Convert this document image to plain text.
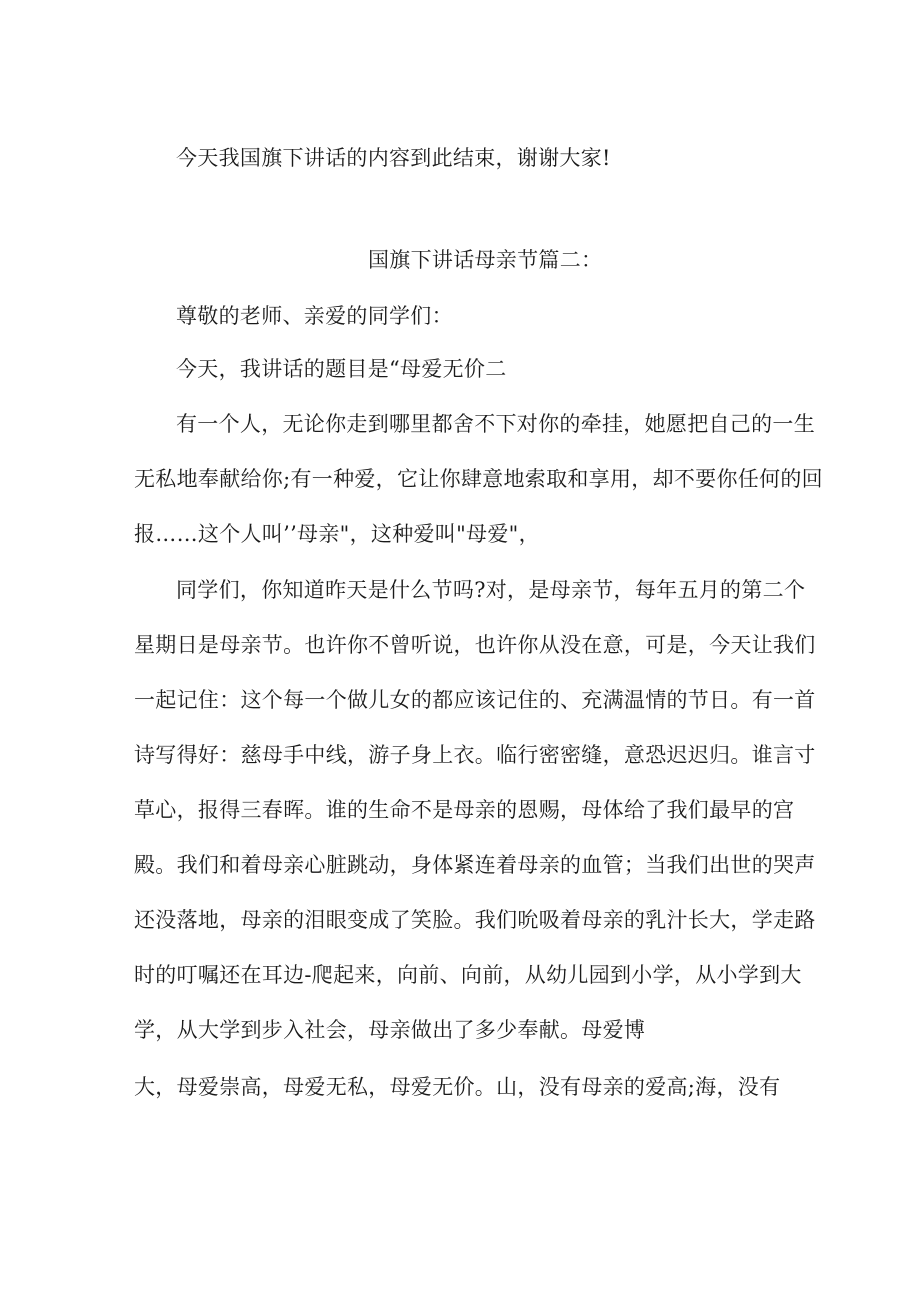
今天我国旗下讲话的内容到此结束，谢谢大家!
国旗下讲话母亲节篇二：
尊敬的老师、亲爱的同学们：
今天，我讲话的题目是“母爱无价二
有一个人，无论你走到哪里都舍不下对你的牵挂，她愿把自己的一生
无私地奉献给你;有一种爱，它让你肆意地索取和享用，却不要你任何的回
报……这个人叫’’母亲"，这种爱叫"母爱"，
同学们，你知道昨天是什么节吗?对，是母亲节，每年五月的第二个
星期日是母亲节。也许你不曾听说，也许你从没在意，可是，今天让我们
一起记住：这个每一个做儿女的都应该记住的、充满温情的节日。有一首
诗写得好：慈母手中线，游子身上衣。临行密密缝，意恐迟迟归。谁言寸
草心，报得三春晖。谁的生命不是母亲的恩赐，母体给了我们最早的宫
殿。我们和着母亲心脏跳动，身体紧连着母亲的血管；当我们出世的哭声
还没落地，母亲的泪眼变成了笑脸。我们吮吸着母亲的乳汁长大，学走路
时的叮嘱还在耳边-爬起来，向前、向前，从幼儿园到小学，从小学到大
学，从大学到步入社会，母亲做出了多少奉献。母爱博
大，母爱崇高，母爱无私，母爱无价。山，没有母亲的爱高;海，没有
